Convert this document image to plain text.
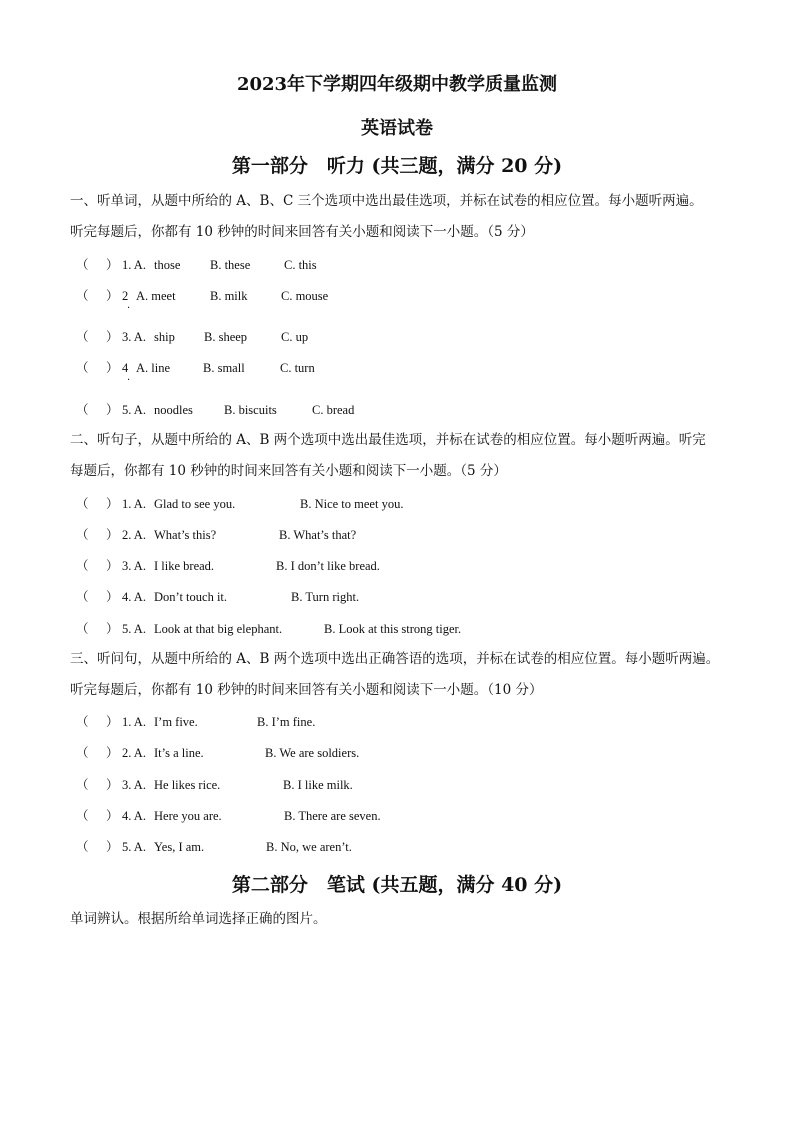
2023年下学期四年级期中教学质量监测
英语试卷
第一部分　听力 (共三题，满分 20 分)
一、听单词，从题中所给的 A、B、C 三个选项中选出最佳选项，并标在试卷的相应位置。每小题听两遍。
听完每题后，你都有 10 秒钟的时间来回答有关小题和阅读下一小题。（5 分）
（ ） 1. A. those B. these	C. this
（ ） 2 A. meet	B. milk	C. mouse
·
（ ） 3. A. ship B. sheep	C. up
（ ） 4 A. line	B. small	C. turn
·
（ ） 5. A. noodles B. biscuits	C. bread
二、听句子，从题中所给的 A、B 两个选项中选出最佳选项，并标在试卷的相应位置。每小题听两遍。听完
每题后，你都有 10 秒钟的时间来回答有关小题和阅读下一小题。（5 分）
（ ） 1. A. Glad to see you.	B. Nice to meet you.
（ ） 2. A. What’s this?	B. What’s that?
（ ） 3. A. I like bread.	B. I don’t like bread.
（ ） 4. A. Don’t touch it.	B. Turn right.
（ ） 5. A. Look at that big elephant.	B. Look at this strong tiger.
三、听问句，从题中所给的 A、B 两个选项中选出正确答语的选项，并标在试卷的相应位置。每小题听两遍。
听完每题后，你都有 10 秒钟的时间来回答有关小题和阅读下一小题。（10 分）
（ ） 1. A. I’m five.	B. I’m fine.
（ ） 2. A. It’s a line.	B. We are soldiers.
（ ） 3. A. He likes rice.	B. I like milk.
（ ） 4. A. Here you are.	B. There are seven.
（ ） 5. A. Yes, I am.	B. No, we aren’t.
第二部分　笔试 (共五题，满分 40 分)
单词辨认。根据所给单词选择正确的图片。
